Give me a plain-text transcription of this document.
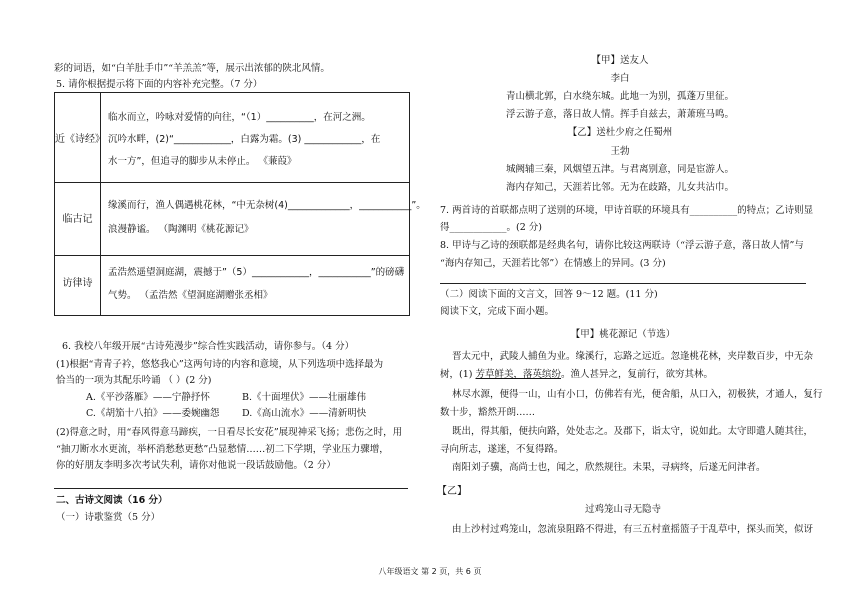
彩的词语，如“白羊肚手巾”“羊羔羔”等，展示出浓郁的陕北风情。
5. 请你根据提示将下面的内容补充完整。（7 分）
近《诗经》
临水而立，吟咏对爱情的向往，“（1）__________，在河之洲。
沉吟水畔，(2)“____________，白露为霜。(3) ____________，在
水一方”，但追寻的脚步从未停止。 《蒹葭》
临古记
缘溪而行，渔人偶遇桃花林，“中无杂树(4)_____________，___________”。
浪漫静谧。 （陶渊明《桃花源记》
访律诗
孟浩然遥望洞庭湖，震撼于”（5）____________，___________”的磅礴
气势。 （孟浩然《望洞庭湖赠张丞相》
6. 我校八年级开展“古诗苑漫步”综合性实践活动，请你参与。（4 分）
(1)根据“青青子衿，悠悠我心”这两句诗的内容和意境，从下列选项中选择最为
恰当的一项为其配乐吟诵 （ ）(2 分)
A.《平沙落雁》——宁静抒怀	B.《十面埋伏》——壮丽雄伟
C.《胡笳十八拍》——委婉幽怨 D.《高山流水》——清新明快
(2)得意之时，用“春风得意马蹄疾，一日看尽长安花”展现神采飞扬；悲伤之时，用
“抽刀断水水更流，举杯消愁愁更愁”凸显愁情……初二下学期，学业压力骤增，
你的好朋友李明多次考试失利，请你对他说一段话鼓励他。（2 分）
二、古诗文阅读（16 分）
（一）诗歌鉴赏（5 分）
【甲】送友人
李白
青山横北郭，白水绕东城。此地一为别，孤蓬万里征。
浮云游子意，落日故人情。挥手自兹去，萧萧班马鸣。
【乙】送杜少府之任蜀州
王勃
城阙辅三秦，风烟望五津。与君离别意，同是宦游人。
海内存知己，天涯若比邻。无为在歧路，儿女共沾巾。
7. 两首诗的首联都点明了送别的环境，甲诗首联的环境具有__________的特点；乙诗则显
得____________。(2 分)
8. 甲诗与乙诗的颈联都是经典名句，请你比较这两联诗（“浮云游子意，落日故人情”与
“海内存知己，天涯若比邻”）在情感上的异同。(3 分)
（二）阅读下面的文言文，回答 9～12 题。(11 分)
阅读下文，完成下面小题。
【甲】桃花源记（节选）
晋太元中，武陵人捕鱼为业。缘溪行，忘路之远近。忽逢桃花林，夹岸数百步，中无杂
树，(1) 芳草鲜美，落英缤纷。渔人甚异之，复前行，欲穷其林。
林尽水源，便得一山，山有小口，仿佛若有光，便舍船，从口入，初极狭，才通人，复行
数十步，豁然开朗……
既出，得其船，便扶向路，处处志之。及郡下，诣太守，说如此。太守即遣人随其往，
寻向所志，遂迷，不复得路。
南阳刘子骥，高尚士也，闻之，欣然规往。未果，寻病终，后遂无问津者。
【乙】
过鸡笼山寻无隐寺
由上沙村过鸡笼山，忽流泉阻路不得进，有三五村童摇篮子于乱草中，探头而笑，似讶
八年级语文 第 2 页，共 6 页
